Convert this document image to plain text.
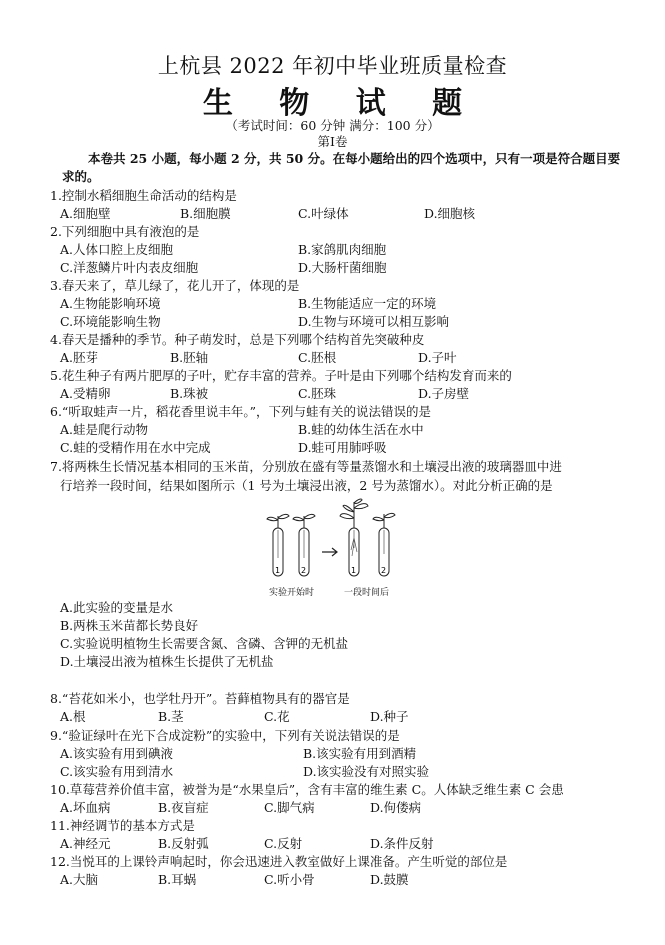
上杭县 2022 年初中毕业班质量检查
生 物 试 题
（考试时间：60 分钟 满分：100 分）
第Ⅰ卷
本卷共 25 小题，每小题 2 分，共 50 分。在每小题给出的四个选项中，只有一项是符合题目要求的。
1.控制水稻细胞生命活动的结构是
A.细胞壁	B.细胞膜	C.叶绿体	D.细胞核
2.下列细胞中具有液泡的是
A.人体口腔上皮细胞	B.家鸽肌肉细胞
C.洋葱鳞片叶内表皮细胞	D.大肠杆菌细胞
3.春天来了，草儿绿了，花儿开了，体现的是
A.生物能影响环境	B.生物能适应一定的环境
C.环境能影响生物	D.生物与环境可以相互影响
4.春天是播种的季节。种子萌发时，总是下列哪个结构首先突破种皮
A.胚芽	B.胚轴	C.胚根	D.子叶
5.花生种子有两片肥厚的子叶，贮存丰富的营养。子叶是由下列哪个结构发育而来的
A.受精卵	B.珠被	C.胚珠	D.子房壁
6.“听取蛙声一片，稻花香里说丰年。”，下列与蛙有关的说法错误的是
A.蛙是爬行动物	B.蛙的幼体生活在水中
C.蛙的受精作用在水中完成	D.蛙可用肺呼吸
7.将两株生长情况基本相同的玉米苗，分别放在盛有等量蒸馏水和土壤浸出液的玻璃器皿中进
行培养一段时间，结果如图所示（1 号为土壤浸出液，2 号为蒸馏水）。对此分析正确的是
1	2	1	2
实验开始时	一段时间后
A.此实验的变量是水
B.两株玉米苗都长势良好
C.实验说明植物生长需要含氮、含磷、含钾的无机盐
D.土壤浸出液为植株生长提供了无机盐
8.“苔花如米小，也学牡丹开”。苔藓植物具有的器官是
A.根	B.茎	C.花	D.种子
9.“验证绿叶在光下合成淀粉”的实验中，下列有关说法错误的是
A.该实验有用到碘液	B.该实验有用到酒精
C.该实验有用到清水	D.该实验没有对照实验
10.草莓营养价值丰富，被誉为是“水果皇后”，含有丰富的维生素 C。人体缺乏维生素 C 会患
A.坏血病	B.夜盲症	C.脚气病	D.佝偻病
11.神经调节的基本方式是
A.神经元	B.反射弧	C.反射	D.条件反射
12.当悦耳的上课铃声响起时，你会迅速进入教室做好上课准备。产生听觉的部位是
A.大脑	B.耳蜗	C.听小骨	D.鼓膜
